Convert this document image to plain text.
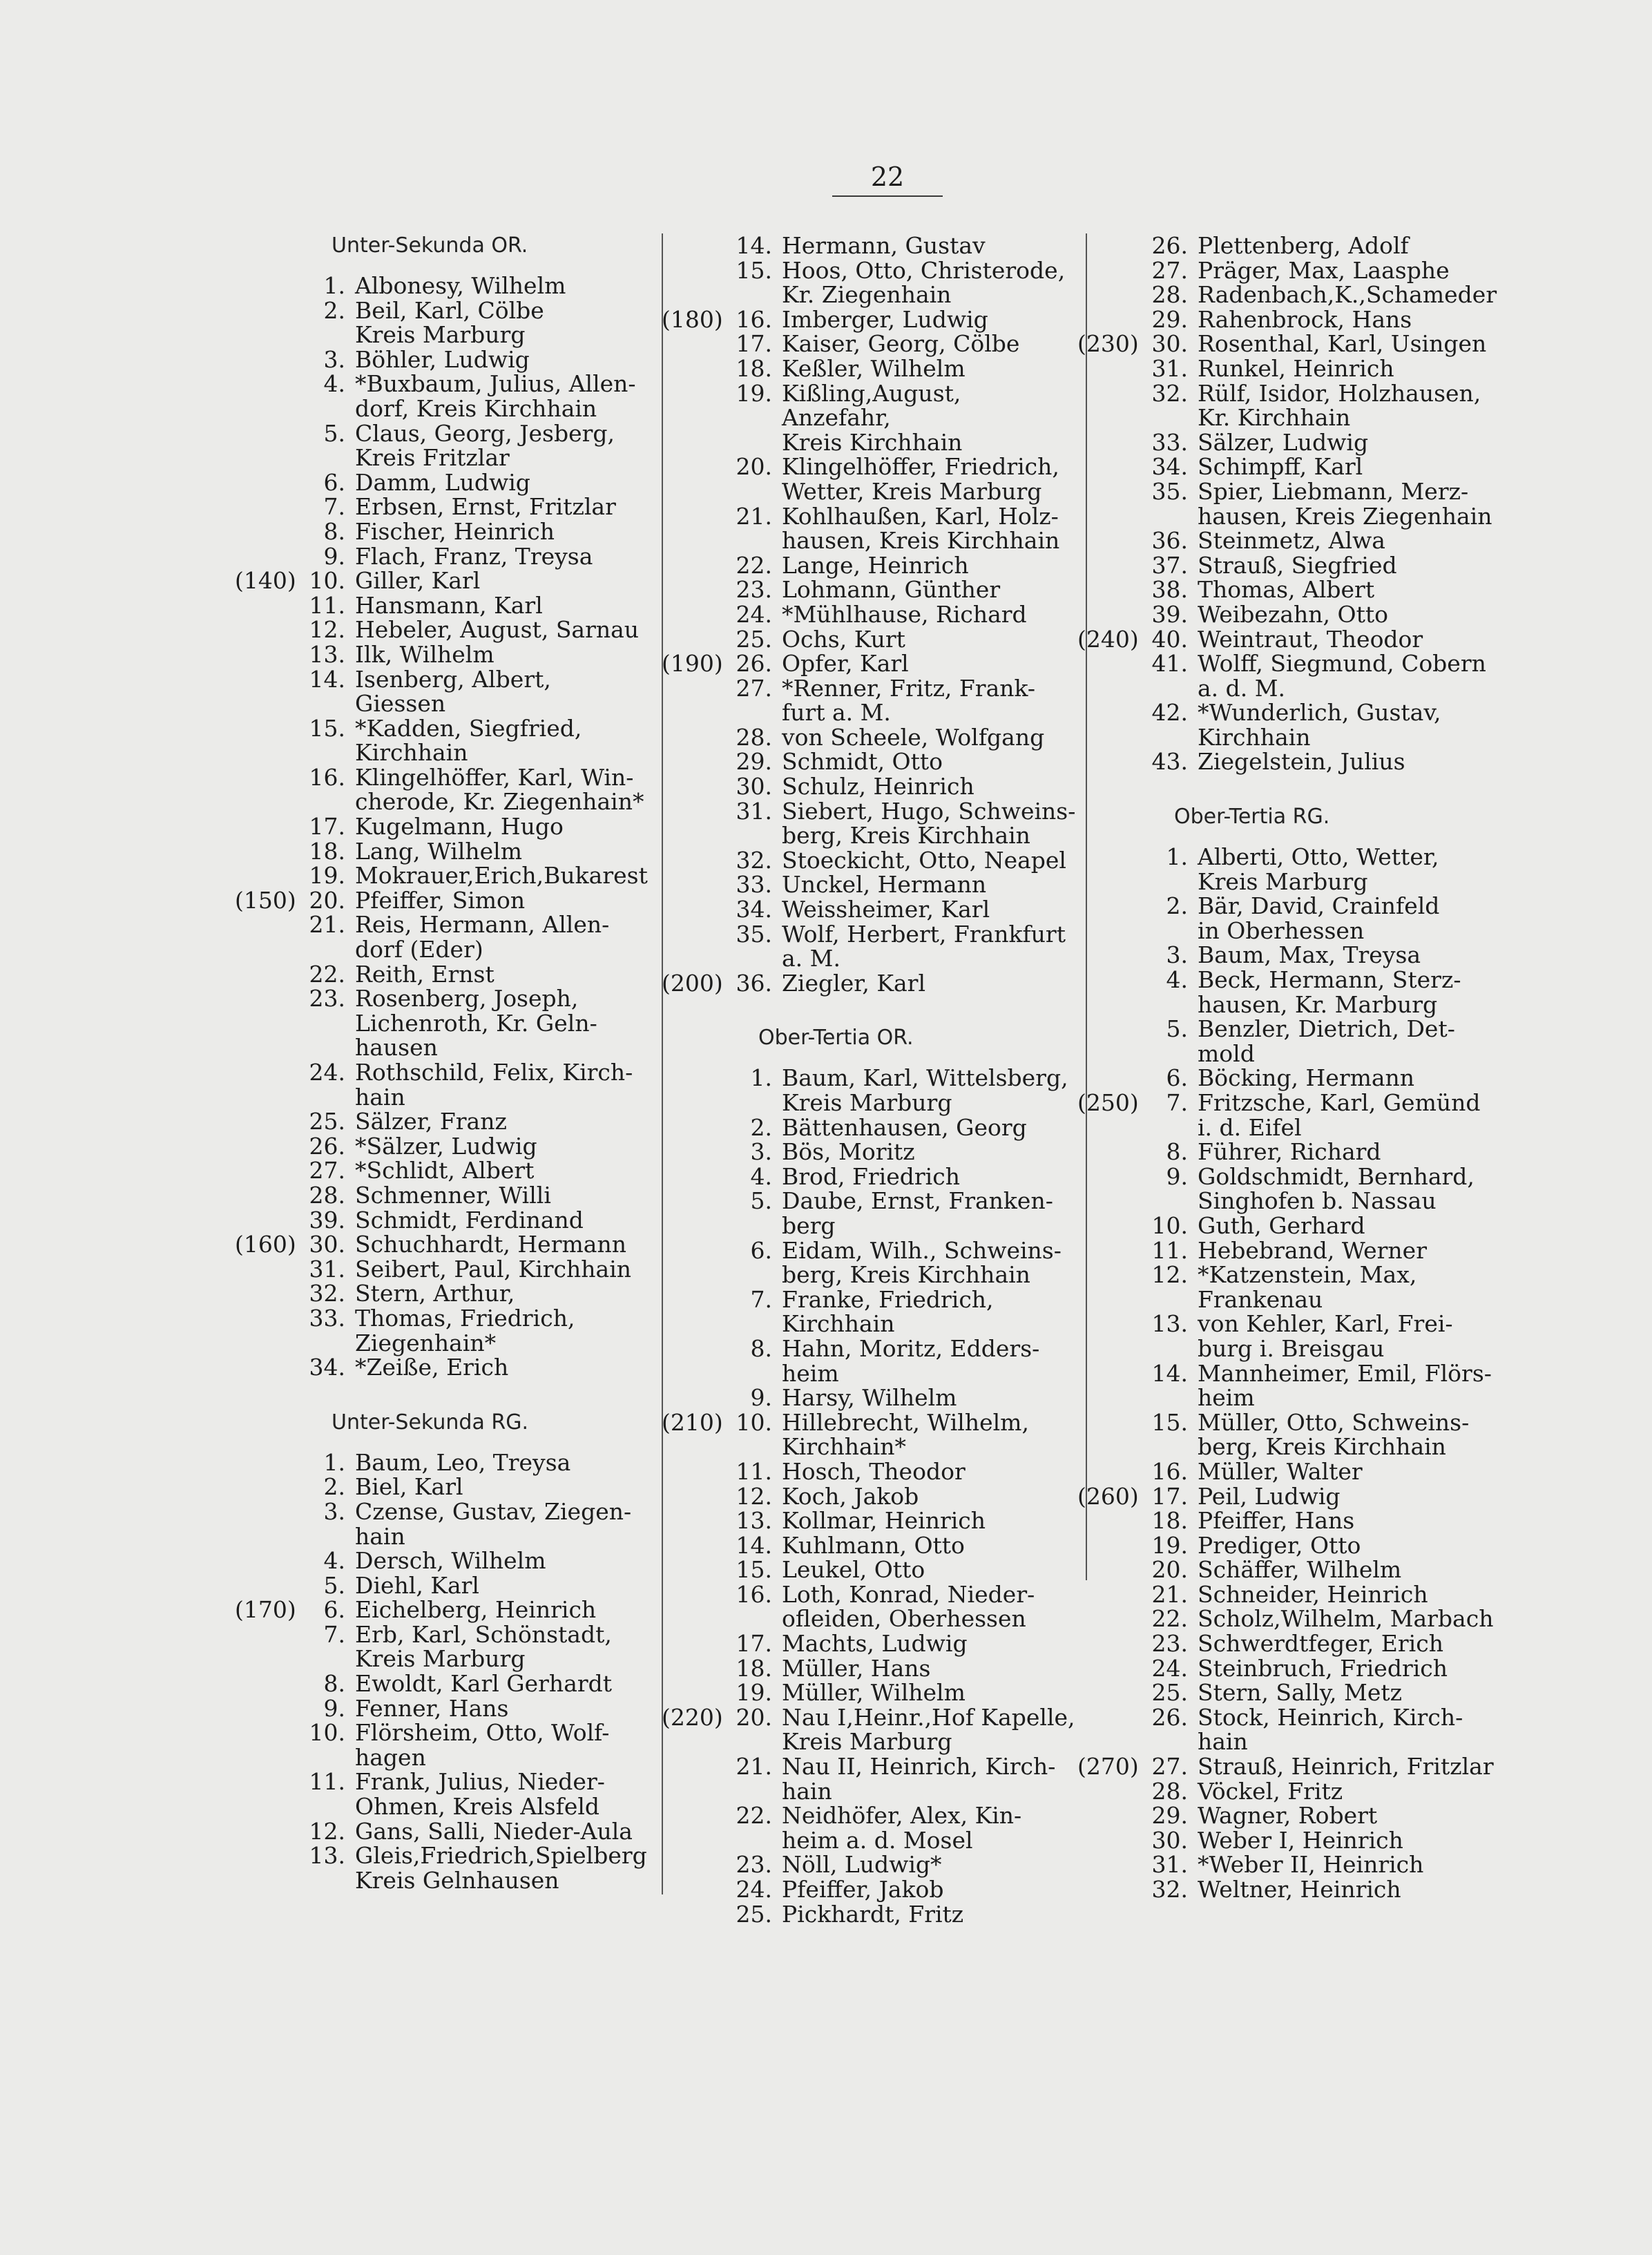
22
Unter-Sekunda OR.
1. Albonesy, Wilhelm
2. Beil, Karl, Cölbe
Kreis Marburg
3. Böhler, Ludwig
4. *Buxbaum, Julius, Allen-
dorf, Kreis Kirchhain
5. Claus, Georg, Jesberg,
Kreis Fritzlar
6. Damm, Ludwig
7. Erbsen, Ernst, Fritzlar
8. Fischer, Heinrich
9. Flach, Franz, Treysa
(140) 10. Giller, Karl
11. Hansmann, Karl
12. Hebeler, August, Sarnau
13. Ilk, Wilhelm
14. Isenberg, Albert,
Giessen
15. *Kadden, Siegfried,
Kirchhain
16. Klingelhöffer, Karl, Win-
cherode, Kr. Ziegenhain*
17. Kugelmann, Hugo
18. Lang, Wilhelm
19. Mokrauer,Erich,Bukarest
(150) 20. Pfeiffer, Simon
21. Reis, Hermann, Allen-
dorf (Eder)
22. Reith, Ernst
23. Rosenberg, Joseph,
Lichenroth, Kr. Geln-
hausen
24. Rothschild, Felix, Kirch-
hain
25. Sälzer, Franz
26. *Sälzer, Ludwig
27. *Schlidt, Albert
28. Schmenner, Willi
39. Schmidt, Ferdinand
(160) 30. Schuchhardt, Hermann
31. Seibert, Paul, Kirchhain
32. Stern, Arthur,
33. Thomas, Friedrich,
Ziegenhain*
34. *Zeiße, Erich
Unter-Sekunda RG.
1. Baum, Leo, Treysa
2. Biel, Karl
3. Czense, Gustav, Ziegen-
hain
4. Dersch, Wilhelm
5. Diehl, Karl
(170)	6. Eichelberg, Heinrich
7. Erb, Karl, Schönstadt,
Kreis Marburg
8. Ewoldt, Karl Gerhardt
9. Fenner, Hans
10. Flörsheim, Otto, Wolf-
hagen
11. Frank, Julius, Nieder-
Ohmen, Kreis Alsfeld
12. Gans, Salli, Nieder-Aula
13. Gleis,Friedrich,Spielberg
Kreis Gelnhausen
14. Hermann, Gustav
15. Hoos, Otto, Christerode,
Kr. Ziegenhain
(180) 16. Imberger, Ludwig
17. Kaiser, Georg, Cölbe
18. Keßler, Wilhelm
19. Kißling,August, Anzefahr,
Kreis Kirchhain
20. Klingelhöffer, Friedrich,
Wetter, Kreis Marburg
21. Kohlhaußen, Karl, Holz-
hausen, Kreis Kirchhain
22. Lange, Heinrich
23. Lohmann, Günther
24. *Mühlhause, Richard
25. Ochs, Kurt
(190) 26. Opfer, Karl
27. *Renner, Fritz, Frank-
furt a. M.
28. von Scheele, Wolfgang
29. Schmidt, Otto
30. Schulz, Heinrich
31. Siebert, Hugo, Schweins-
berg, Kreis Kirchhain
32. Stoeckicht, Otto, Neapel
33. Unckel, Hermann
34. Weissheimer, Karl
35. Wolf, Herbert, Frankfurt
a. M.
(200) 36. Ziegler, Karl
Ober-Tertia OR.
1. Baum, Karl, Wittelsberg,
Kreis Marburg
2. Bättenhausen, Georg
3. Bös, Moritz
4. Brod, Friedrich
5. Daube, Ernst, Franken-
berg
6. Eidam, Wilh., Schweins-
berg, Kreis Kirchhain
7. Franke, Friedrich,
Kirchhain
8. Hahn, Moritz, Edders-
heim
9. Harsy, Wilhelm
(210) 10. Hillebrecht, Wilhelm,
Kirchhain*
11. Hosch, Theodor
12. Koch, Jakob
13. Kollmar, Heinrich
14. Kuhlmann, Otto
15. Leukel, Otto
16. Loth, Konrad, Nieder-
ofleiden, Oberhessen
17. Machts, Ludwig
18. Müller, Hans
19. Müller, Wilhelm
(220) 20. Nau I,Heinr.,Hof Kapelle,
Kreis Marburg
21. Nau II, Heinrich, Kirch-
hain
22. Neidhöfer, Alex, Kin-
heim a. d. Mosel
23. Nöll, Ludwig*
24. Pfeiffer, Jakob
25. Pickhardt, Fritz
26. Plettenberg, Adolf
27. Präger, Max, Laasphe
28. Radenbach,K.,Schameder
29. Rahenbrock, Hans
(230) 30. Rosenthal, Karl, Usingen
31. Runkel, Heinrich
32. Rülf, Isidor, Holzhausen,
Kr. Kirchhain
33. Sälzer, Ludwig
34. Schimpff, Karl
35. Spier, Liebmann, Merz-
hausen, Kreis Ziegenhain
36. Steinmetz, Alwa
37. Strauß, Siegfried
38. Thomas, Albert
39. Weibezahn, Otto
(240) 40. Weintraut, Theodor
41. Wolff, Siegmund, Cobern
a. d. M.
42. *Wunderlich, Gustav,
Kirchhain
43. Ziegelstein, Julius
Ober-Tertia RG.
1. Alberti, Otto, Wetter,
Kreis Marburg
2. Bär, David, Crainfeld
in Oberhessen
3. Baum, Max, Treysa
4. Beck, Hermann, Sterz-
hausen, Kr. Marburg
5. Benzler, Dietrich, Det-
mold
6. Böcking, Hermann
(250)	7. Fritzsche, Karl, Gemünd
i. d. Eifel
8. Führer, Richard
9. Goldschmidt, Bernhard,
Singhofen b. Nassau
10. Guth, Gerhard
11. Hebebrand, Werner
12. *Katzenstein, Max,
Frankenau
13. von Kehler, Karl, Frei-
burg i. Breisgau
14. Mannheimer, Emil, Flörs-
heim
15. Müller, Otto, Schweins-
berg, Kreis Kirchhain
16. Müller, Walter
(260) 17. Peil, Ludwig
18. Pfeiffer, Hans
19. Prediger, Otto
20. Schäffer, Wilhelm
21. Schneider, Heinrich
22. Scholz,Wilhelm, Marbach
23. Schwerdtfeger, Erich
24. Steinbruch, Friedrich
25. Stern, Sally, Metz
26. Stock, Heinrich, Kirch-
hain
(270) 27. Strauß, Heinrich, Fritzlar
28. Vöckel, Fritz
29. Wagner, Robert
30. Weber I, Heinrich
31. *Weber II, Heinrich
32. Weltner, Heinrich
